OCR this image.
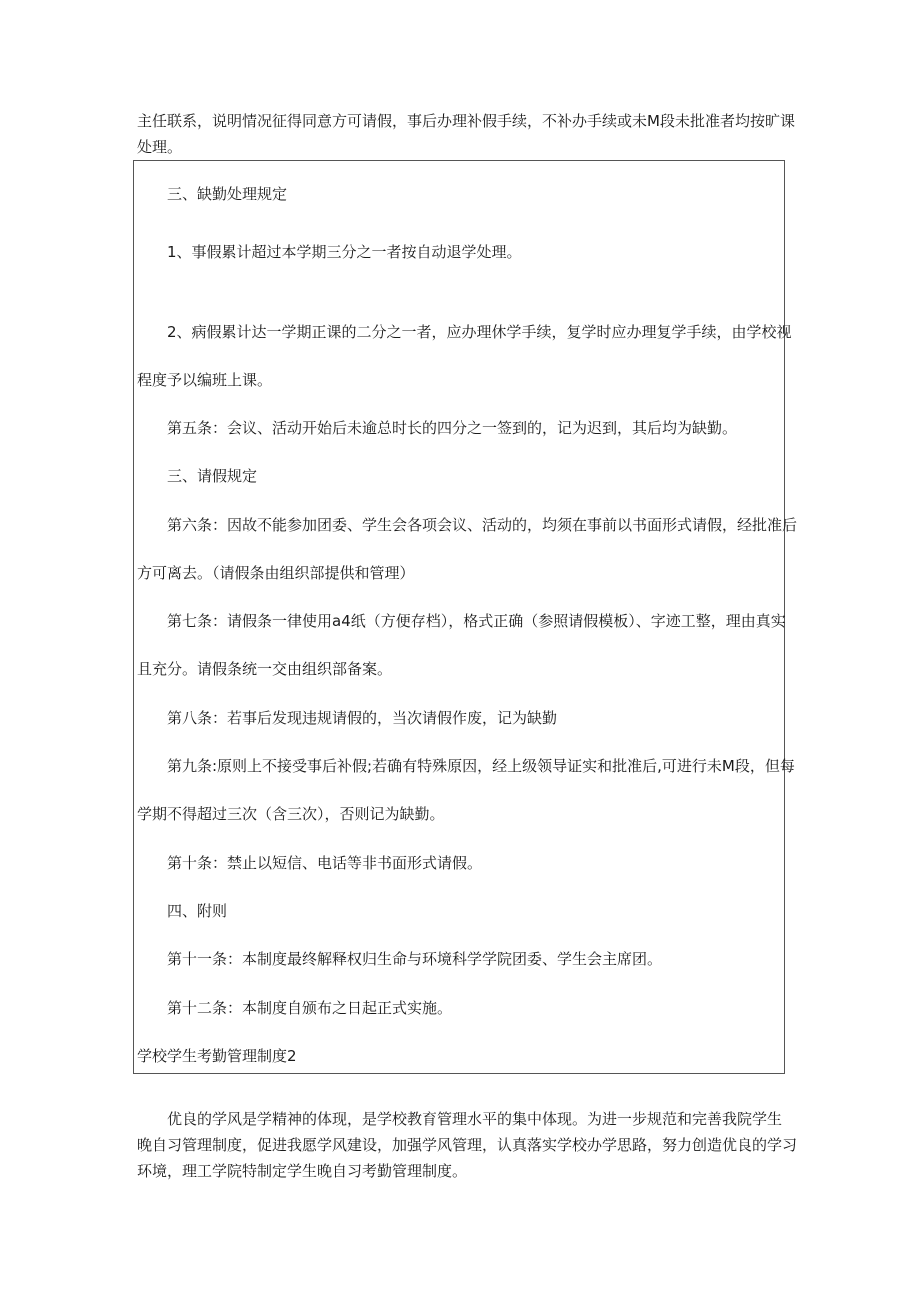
主任联系，说明情况征得同意方可请假，事后办理补假手续，不补办手续或未M段未批准者均按旷课

处理。

三、缺勤处理规定

1、事假累计超过本学期三分之一者按自动退学处理。

2、病假累计达一学期正课的二分之一者，应办理休学手续，复学时应办理复学手续，由学校视

程度予以编班上课。

第五条：会议、活动开始后未逾总时长的四分之一签到的，记为迟到，其后均为缺勤。

三、请假规定

第六条：因故不能参加团委、学生会各项会议、活动的，均须在事前以书面形式请假，经批准后

方可离去。（请假条由组织部提供和管理）

第七条：请假条一律使用a4纸（方便存档），格式正确（参照请假模板）、字迹工整，理由真实

且充分。请假条统一交由组织部备案。

第八条：若事后发现违规请假的，当次请假作废，记为缺勤

第九条:原则上不接受事后补假;若确有特殊原因，经上级领导证实和批准后,可进行未M段，但每

学期不得超过三次（含三次），否则记为缺勤。

第十条：禁止以短信、电话等非书面形式请假。

四、附则

第十一条：本制度最终解释权归生命与环境科学学院团委、学生会主席团。

第十二条：本制度自颁布之日起正式实施。

学校学生考勤管理制度2

优良的学风是学精神的体现，是学校教育管理水平的集中体现。为进一步规范和完善我院学生

晚自习管理制度，促进我愿学风建设，加强学风管理，认真落实学校办学思路，努力创造优良的学习

环境，理工学院特制定学生晚自习考勤管理制度。
